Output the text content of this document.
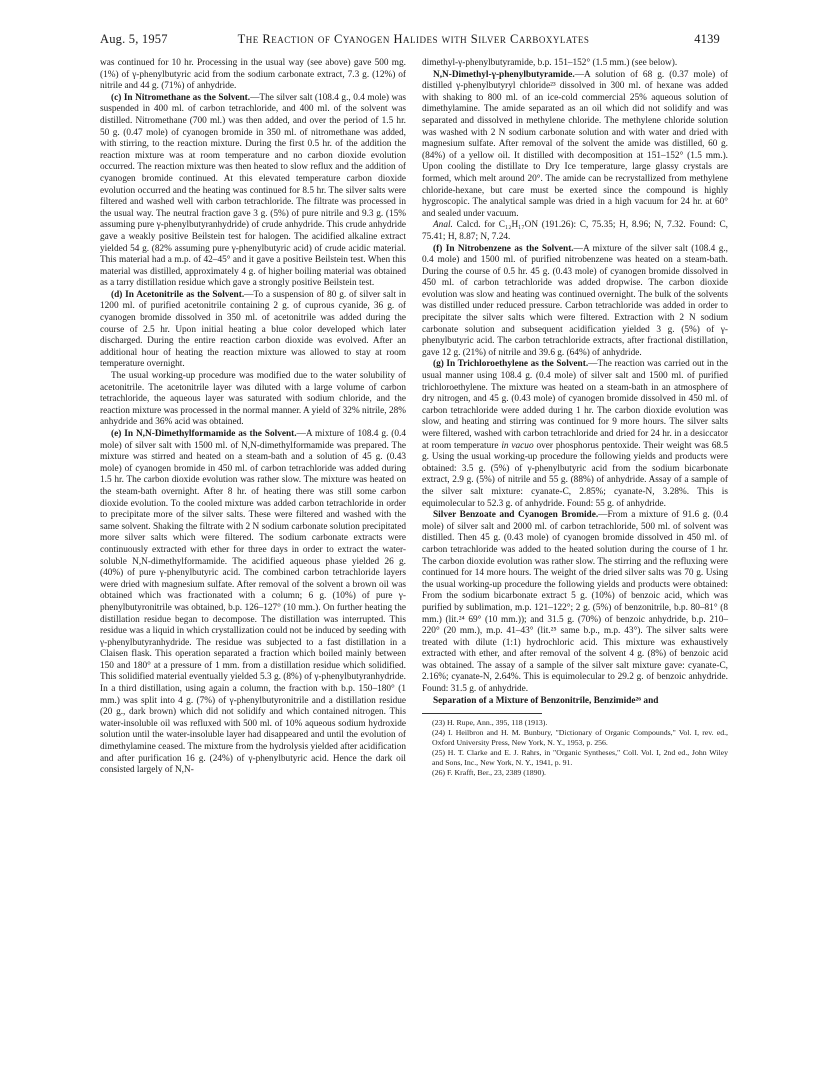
Aug. 5, 1957	The Reaction of Cyanogen Halides with Silver Carboxylates	4139

was continued for 10 hr. Processing in the usual way (see above) gave 500 mg. (1%) of γ-phenylbutyric acid from the sodium carbonate extract, 7.3 g. (12%) of nitrile and 44 g. (71%) of anhydride.

(c) In Nitromethane as the Solvent.—The silver salt (108.4 g., 0.4 mole) was suspended in 400 ml. of carbon tetrachloride, and 400 ml. of the solvent was distilled. Nitromethane (700 ml.) was then added, and over the period of 1.5 hr. 50 g. (0.47 mole) of cyanogen bromide in 350 ml. of nitromethane was added, with stirring, to the reaction mixture. During the first 0.5 hr. of the addition the reaction mixture was at room temperature and no carbon dioxide evolution occurred. The reaction mixture was then heated to slow reflux and the addition of cyanogen bromide continued. At this elevated temperature carbon dioxide evolution occurred and the heating was continued for 8.5 hr. The silver salts were filtered and washed well with carbon tetrachloride. The filtrate was processed in the usual way. The neutral fraction gave 3 g. (5%) of pure nitrile and 9.3 g. (15% assuming pure γ-phenylbutyranhydride) of crude anhydride. This crude anhydride gave a weakly positive Beilstein test for halogen. The acidified alkaline extract yielded 54 g. (82% assuming pure γ-phenylbutyric acid) of crude acidic material. This material had a m.p. of 42–45° and it gave a positive Beilstein test. When this material was distilled, approximately 4 g. of higher boiling material was obtained as a tarry distillation residue which gave a strongly positive Beilstein test.

(d) In Acetonitrile as the Solvent.—To a suspension of 80 g. of silver salt in 1200 ml. of purified acetonitrile containing 2 g. of cuprous cyanide, 36 g. of cyanogen bromide dissolved in 350 ml. of acetonitrile was added during the course of 2.5 hr. Upon initial heating a blue color developed which later discharged. During the entire reaction carbon dioxide was evolved. After an additional hour of heating the reaction mixture was allowed to stay at room temperature overnight.

The usual working-up procedure was modified due to the water solubility of acetonitrile. The acetonitrile layer was diluted with a large volume of carbon tetrachloride, the aqueous layer was saturated with sodium chloride, and the reaction mixture was processed in the normal manner. A yield of 32% nitrile, 28% anhydride and 36% acid was obtained.

(e) In N,N-Dimethylformamide as the Solvent.—A mixture of 108.4 g. (0.4 mole) of silver salt with 1500 ml. of N,N-dimethylformamide was prepared. The mixture was stirred and heated on a steam-bath and a solution of 45 g. (0.43 mole) of cyanogen bromide in 450 ml. of carbon tetrachloride was added during 1.5 hr. The carbon dioxide evolution was rather slow. The mixture was heated on the steam-bath overnight. After 8 hr. of heating there was still some carbon dioxide evolution. To the cooled mixture was added carbon tetrachloride in order to precipitate more of the silver salts. These were filtered and washed with the same solvent. Shaking the filtrate with 2 N sodium carbonate solution precipitated more silver salts which were filtered. The sodium carbonate extracts were continuously extracted with ether for three days in order to extract the water-soluble N,N-dimethylformamide. The acidified aqueous phase yielded 26 g. (40%) of pure γ-phenylbutyric acid. The combined carbon tetrachloride layers were dried with magnesium sulfate. After removal of the solvent a brown oil was obtained which was fractionated with a column; 6 g. (10%) of pure γ-phenylbutyronitrile was obtained, b.p. 126–127° (10 mm.). On further heating the distillation residue began to decompose. The distillation was interrupted. This residue was a liquid in which crystallization could not be induced by seeding with γ-phenylbutyranhydride. The residue was subjected to a fast distillation in a Claisen flask. This operation separated a fraction which boiled mainly between 150 and 180° at a pressure of 1 mm. from a distillation residue which solidified. This solidified material eventually yielded 5.3 g. (8%) of γ-phenylbutyranhydride. In a third distillation, using again a column, the fraction with b.p. 150–180° (1 mm.) was split into 4 g. (7%) of γ-phenylbutyronitrile and a distillation residue (20 g., dark brown) which did not solidify and which contained nitrogen. This water-insoluble oil was refluxed with 500 ml. of 10% aqueous sodium hydroxide solution until the water-insoluble layer had disappeared and until the evolution of dimethylamine ceased. The mixture from the hydrolysis yielded after acidification and after purification 16 g. (24%) of γ-phenylbutyric acid. Hence the dark oil consisted largely of N,N-

dimethyl-γ-phenylbutyramide, b.p. 151–152° (1.5 mm.) (see below).

N,N-Dimethyl-γ-phenylbutyramide.—A solution of 68 g. (0.37 mole) of distilled γ-phenylbutyryl chloride²³ dissolved in 300 ml. of hexane was added with shaking to 800 ml. of an ice-cold commercial 25% aqueous solution of dimethylamine. The amide separated as an oil which did not solidify and was separated and dissolved in methylene chloride. The methylene chloride solution was washed with 2 N sodium carbonate solution and with water and dried with magnesium sulfate. After removal of the solvent the amide was distilled, 60 g. (84%) of a yellow oil. It distilled with decomposition at 151–152° (1.5 mm.). Upon cooling the distillate to Dry Ice temperature, large glassy crystals are formed, which melt around 20°. The amide can be recrystallized from methylene chloride-hexane, but care must be exerted since the compound is highly hygroscopic. The analytical sample was dried in a high vacuum for 24 hr. at 60° and sealed under vacuum.

Anal. Calcd. for C₁₂H₁₇ON (191.26): C, 75.35; H, 8.96; N, 7.32. Found: C, 75.41; H, 8.87; N, 7.24.

(f) In Nitrobenzene as the Solvent.—A mixture of the silver salt (108.4 g., 0.4 mole) and 1500 ml. of purified nitrobenzene was heated on a steam-bath. During the course of 0.5 hr. 45 g. (0.43 mole) of cyanogen bromide dissolved in 450 ml. of carbon tetrachloride was added dropwise. The carbon dioxide evolution was slow and heating was continued overnight. The bulk of the solvents was distilled under reduced pressure. Carbon tetrachloride was added in order to precipitate the silver salts which were filtered. Extraction with 2 N sodium carbonate solution and subsequent acidification yielded 3 g. (5%) of γ-phenylbutyric acid. The carbon tetrachloride extracts, after fractional distillation, gave 12 g. (21%) of nitrile and 39.6 g. (64%) of anhydride.

(g) In Trichloroethylene as the Solvent.—The reaction was carried out in the usual manner using 108.4 g. (0.4 mole) of silver salt and 1500 ml. of purified trichloroethylene. The mixture was heated on a steam-bath in an atmosphere of dry nitrogen, and 45 g. (0.43 mole) of cyanogen bromide dissolved in 450 ml. of carbon tetrachloride were added during 1 hr. The carbon dioxide evolution was slow, and heating and stirring was continued for 9 more hours. The silver salts were filtered, washed with carbon tetrachloride and dried for 24 hr. in a desiccator at room temperature in vacuo over phosphorus pentoxide. Their weight was 68.5 g. Using the usual working-up procedure the following yields and products were obtained: 3.5 g. (5%) of γ-phenylbutyric acid from the sodium bicarbonate extract, 2.9 g. (5%) of nitrile and 55 g. (88%) of anhydride. Assay of a sample of the silver salt mixture: cyanate-C, 2.85%; cyanate-N, 3.28%. This is equimolecular to 52.3 g. of anhydride. Found: 55 g. of anhydride.

Silver Benzoate and Cyanogen Bromide.—From a mixture of 91.6 g. (0.4 mole) of silver salt and 2000 ml. of carbon tetrachloride, 500 ml. of solvent was distilled. Then 45 g. (0.43 mole) of cyanogen bromide dissolved in 450 ml. of carbon tetrachloride was added to the heated solution during the course of 1 hr. The carbon dioxide evolution was rather slow. The stirring and the refluxing were continued for 14 more hours. The weight of the dried silver salts was 70 g. Using the usual working-up procedure the following yields and products were obtained: From the sodium bicarbonate extract 5 g. (10%) of benzoic acid, which was purified by sublimation, m.p. 121–122°; 2 g. (5%) of benzonitrile, b.p. 80–81° (8 mm.) (lit.²⁴ 69° (10 mm.)); and 31.5 g. (70%) of benzoic anhydride, b.p. 210–220° (20 mm.), m.p. 41–43° (lit.²⁵ same b.p., m.p. 43°). The silver salts were treated with dilute (1:1) hydrochloric acid. This mixture was exhaustively extracted with ether, and after removal of the solvent 4 g. (8%) of benzoic acid was obtained. The assay of a sample of the silver salt mixture gave: cyanate-C, 2.16%; cyanate-N, 2.64%. This is equimolecular to 29.2 g. of benzoic anhydride. Found: 31.5 g. of anhydride.

Separation of a Mixture of Benzonitrile, Benzimide²⁶ and

(23) H. Rupe, Ann., 395, 118 (1913).

(24) I. Heilbron and H. M. Bunbury, "Dictionary of Organic Compounds," Vol. I, rev. ed., Oxford University Press, New York, N. Y., 1953, p. 256.

(25) H. T. Clarke and E. J. Rahrs, in "Organic Syntheses," Coll. Vol. I, 2nd ed., John Wiley and Sons, Inc., New York, N. Y., 1941, p. 91.

(26) F. Krafft, Ber., 23, 2389 (1890).
